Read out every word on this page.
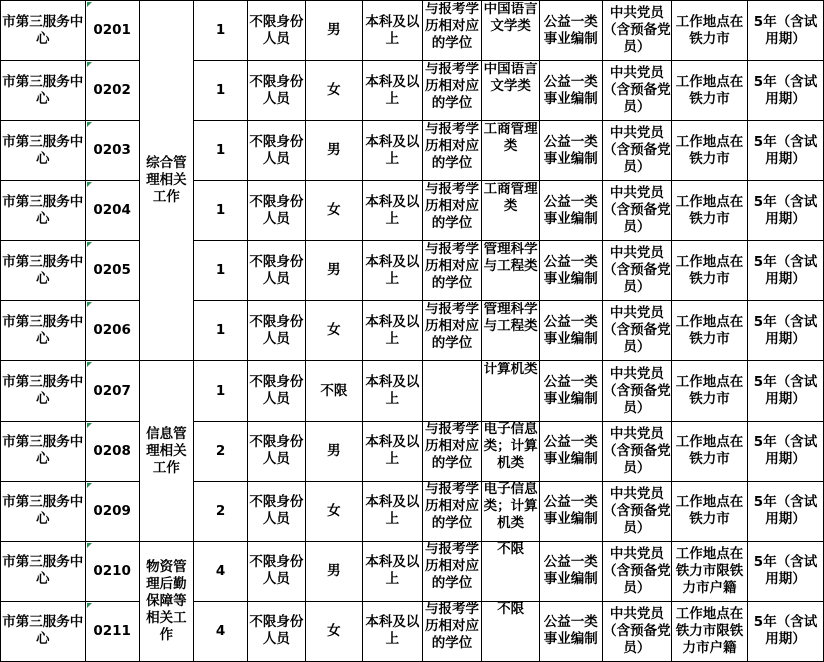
市第三服务中心	0201	综合管理相关工作	1	不限身份人员	男	本科及以上	与报考学历相对应的学位	中国语言文学类	公益一类事业编制	中共党员（含预备党员）	工作地点在铁力市	5年（含试用期）
市第三服务中心	0202		1	不限身份人员	女	本科及以上	与报考学历相对应的学位	中国语言文学类	公益一类事业编制	中共党员（含预备党员）	工作地点在铁力市	5年（含试用期）
市第三服务中心	0203		1	不限身份人员	男	本科及以上	与报考学历相对应的学位	工商管理类	公益一类事业编制	中共党员（含预备党员）	工作地点在铁力市	5年（含试用期）
市第三服务中心	0204		1	不限身份人员	女	本科及以上	与报考学历相对应的学位	工商管理类	公益一类事业编制	中共党员（含预备党员）	工作地点在铁力市	5年（含试用期）
市第三服务中心	0205		1	不限身份人员	男	本科及以上	与报考学历相对应的学位	管理科学与工程类	公益一类事业编制	中共党员（含预备党员）	工作地点在铁力市	5年（含试用期）
市第三服务中心	0206		1	不限身份人员	女	本科及以上	与报考学历相对应的学位	管理科学与工程类	公益一类事业编制	中共党员（含预备党员）	工作地点在铁力市	5年（含试用期）
市第三服务中心	0207	信息管理相关工作	1	不限身份人员	不限	本科及以上		计算机类	公益一类事业编制	中共党员（含预备党员）	工作地点在铁力市	5年（含试用期）
市第三服务中心	0208		2	不限身份人员	男	本科及以上	与报考学历相对应的学位	电子信息类；计算机类	公益一类事业编制	中共党员（含预备党员）	工作地点在铁力市	5年（含试用期）
市第三服务中心	0209		2	不限身份人员	女	本科及以上	与报考学历相对应的学位	电子信息类；计算机类	公益一类事业编制	中共党员（含预备党员）	工作地点在铁力市	5年（含试用期）
市第三服务中心	0210	物资管理后勤保障等相关工作	4	不限身份人员	男	本科及以上	与报考学历相对应的学位	不限	公益一类事业编制	中共党员（含预备党员）	工作地点在铁力市限铁力市户籍	5年（含试用期）
市第三服务中心	0211		4	不限身份人员	女	本科及以上	与报考学历相对应的学位	不限	公益一类事业编制	中共党员（含预备党员）	工作地点在铁力市限铁力市户籍	5年（含试用期）
